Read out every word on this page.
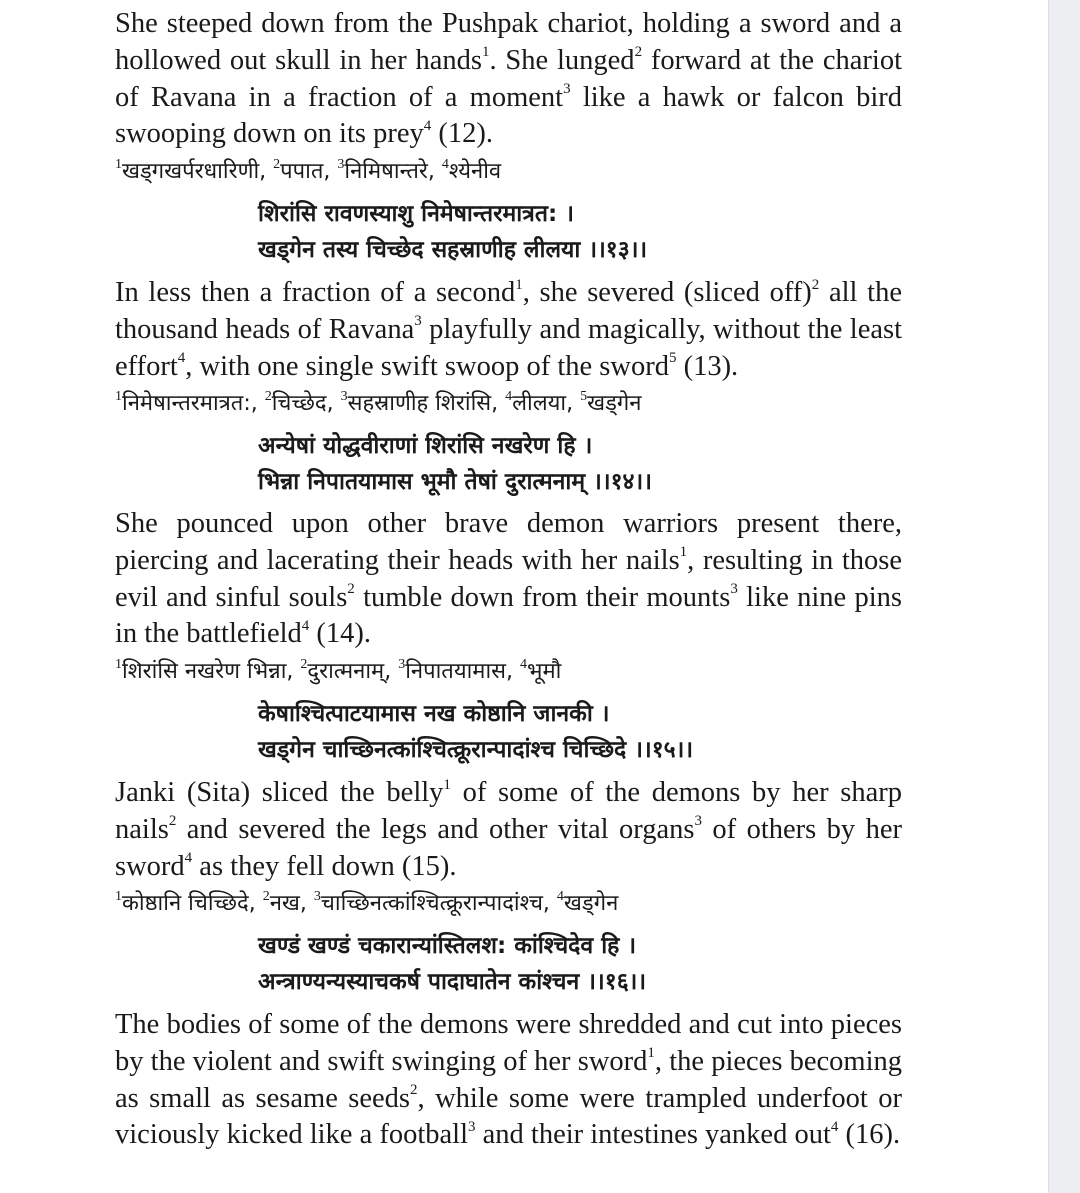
She steeped down from the Pushpak chariot, holding a sword and a hollowed out skull in her hands$^1$. She lunged$^2$ forward at the chariot of Ravana in a fraction of a moment$^3$ like a hawk or falcon bird swooping down on its prey$^4$ (12).

$^1$खड्गखर्परधारिणी, $^2$पपात, $^3$निमिषान्तरे, $^4$श्येनीव

शिरांसि रावणस्याशु निमेषान्तरमात्रत: ।
खड्गेन तस्य चिच्छेद सहस्राणीह लीलया ।।१३।।

In less then a fraction of a second$^1$, she severed (sliced off)$^2$ all the thousand heads of Ravana$^3$ playfully and magically, without the least effort$^4$, with one single swift swoop of the sword$^5$ (13).

$^1$निमेषान्तरमात्रत:, $^2$चिच्छेद, $^3$सहस्राणीह शिरांसि, $^4$लीलया, $^5$खड्गेन

अन्येषां योद्धवीराणां शिरांसि नखरेण हि ।
भिन्ना निपातयामास भूमौ तेषां दुरात्मनाम् ।।१४।।

She pounced upon other brave demon warriors present there, piercing and lacerating their heads with her nails$^1$, resulting in those evil and sinful souls$^2$ tumble down from their mounts$^3$ like nine pins in the battlefield$^4$ (14).

$^1$शिरांसि नखरेण भिन्ना, $^2$दुरात्मनाम्, $^3$निपातयामास, $^4$भूमौ

केषाश्चित्पाटयामास नख कोष्ठानि जानकी ।
खड्गेन चाच्छिनत्कांश्चित्क्रूरान्पादांश्च चिच्छिदे ।।१५।।

Janki (Sita) sliced the belly$^1$ of some of the demons by her sharp nails$^2$ and severed the legs and other vital organs$^3$ of others by her sword$^4$ as they fell down (15).

$^1$कोष्ठानि चिच्छिदे, $^2$नख, $^3$चाच्छिनत्कांश्चित्क्रूरान्पादांश्च, $^4$खड्गेन

खण्डं खण्डं चकारान्यांस्तिलश: कांश्चिदेव हि ।
अन्त्राण्यन्यस्याचकर्ष पादाघातेन कांश्चन ।।१६।।

The bodies of some of the demons were shredded and cut into pieces by the violent and swift swinging of her sword$^1$, the pieces becoming as small as sesame seeds$^2$, while some were trampled underfoot or viciously kicked like a football$^3$ and their intestines yanked out$^4$ (16).
